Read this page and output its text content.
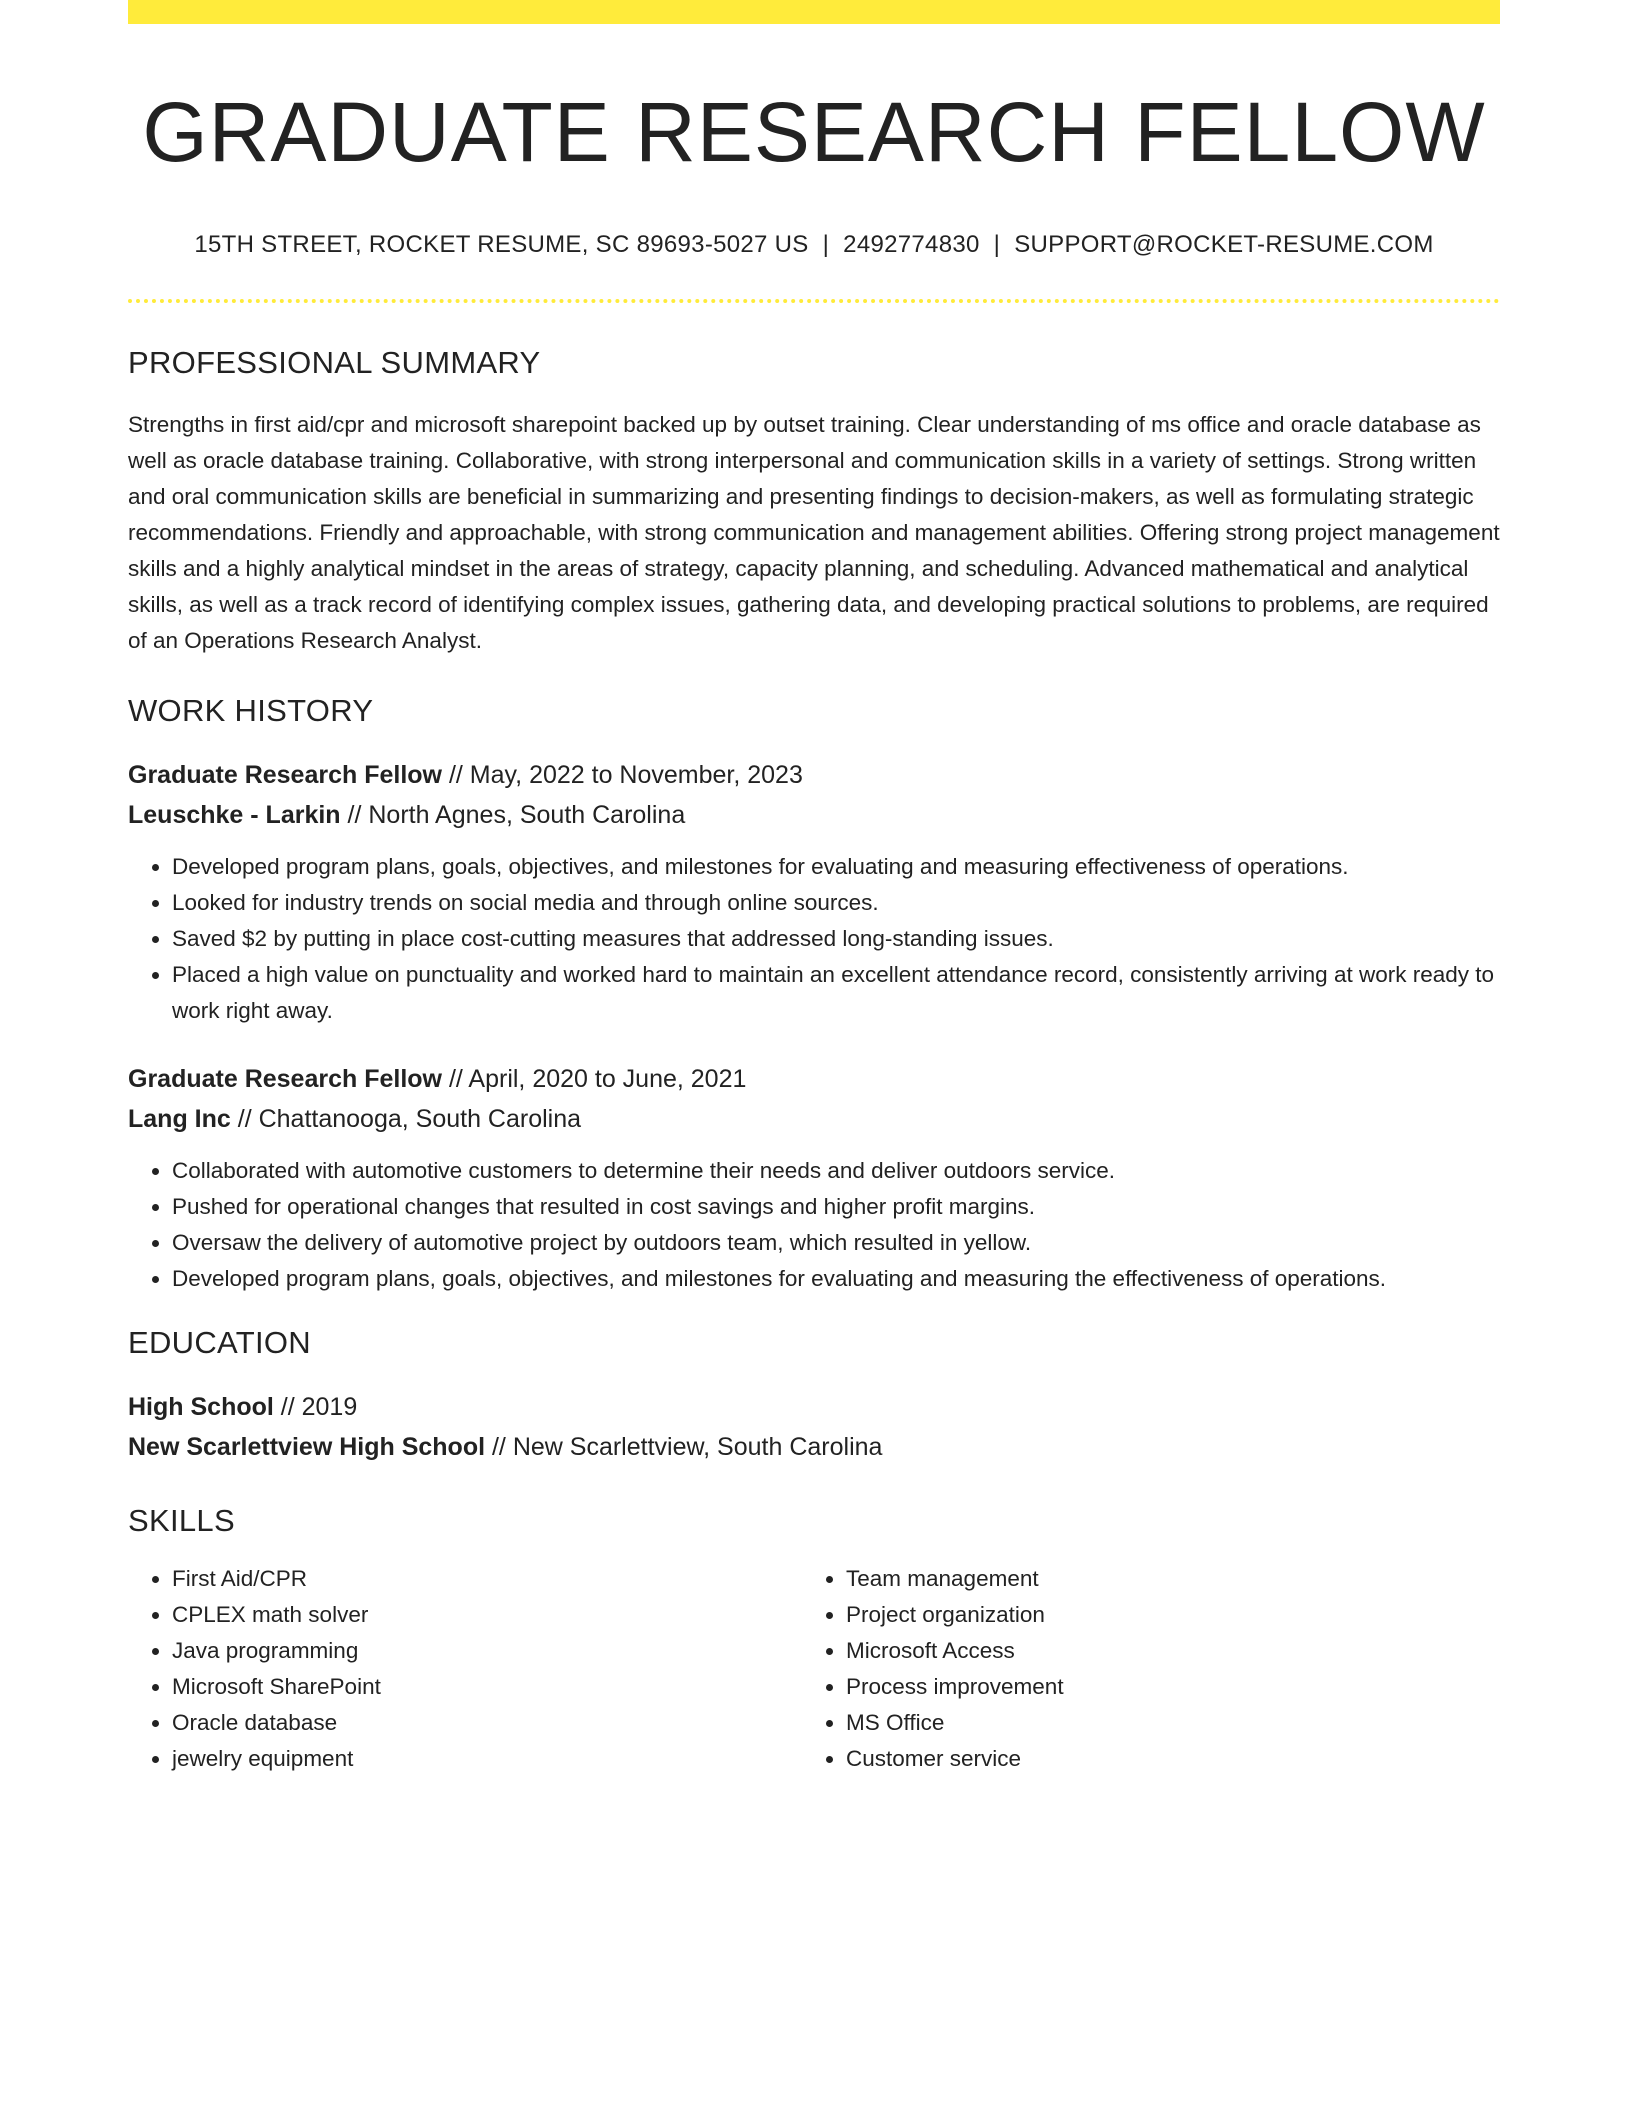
GRADUATE RESEARCH FELLOW
15TH STREET, ROCKET RESUME, SC 89693-5027 US | 2492774830 | SUPPORT@ROCKET-RESUME.COM
PROFESSIONAL SUMMARY

Strengths in first aid/cpr and microsoft sharepoint backed up by outset training. Clear understanding of ms office and oracle database as well as oracle database training. Collaborative, with strong interpersonal and communication skills in a variety of settings. Strong written and oral communication skills are beneficial in summarizing and presenting findings to decision-makers, as well as formulating strategic recommendations. Friendly and approachable, with strong communication and management abilities. Offering strong project management skills and a highly analytical mindset in the areas of strategy, capacity planning, and scheduling. Advanced mathematical and analytical skills, as well as a track record of identifying complex issues, gathering data, and developing practical solutions to problems, are required of an Operations Research Analyst.

WORK HISTORY
Graduate Research Fellow // May, 2022 to November, 2023
Leuschke - Larkin // North Agnes, South Carolina
• Developed program plans, goals, objectives, and milestones for evaluating and measuring effectiveness of operations.
• Looked for industry trends on social media and through online sources.
• Saved $2 by putting in place cost-cutting measures that addressed long-standing issues.
• Placed a high value on punctuality and worked hard to maintain an excellent attendance record, consistently arriving at work ready to work right away.
Graduate Research Fellow // April, 2020 to June, 2021
Lang Inc // Chattanooga, South Carolina
• Collaborated with automotive customers to determine their needs and deliver outdoors service.
• Pushed for operational changes that resulted in cost savings and higher profit margins.
• Oversaw the delivery of automotive project by outdoors team, which resulted in yellow.
• Developed program plans, goals, objectives, and milestones for evaluating and measuring the effectiveness of operations.
EDUCATION
High School // 2019
New Scarlettview High School // New Scarlettview, South Carolina
SKILLS
• First Aid/CPR
• CPLEX math solver
• Java programming
• Microsoft SharePoint
• Oracle database
• jewelry equipment
• Team management
• Project organization
• Microsoft Access
• Process improvement
• MS Office
• Customer service
